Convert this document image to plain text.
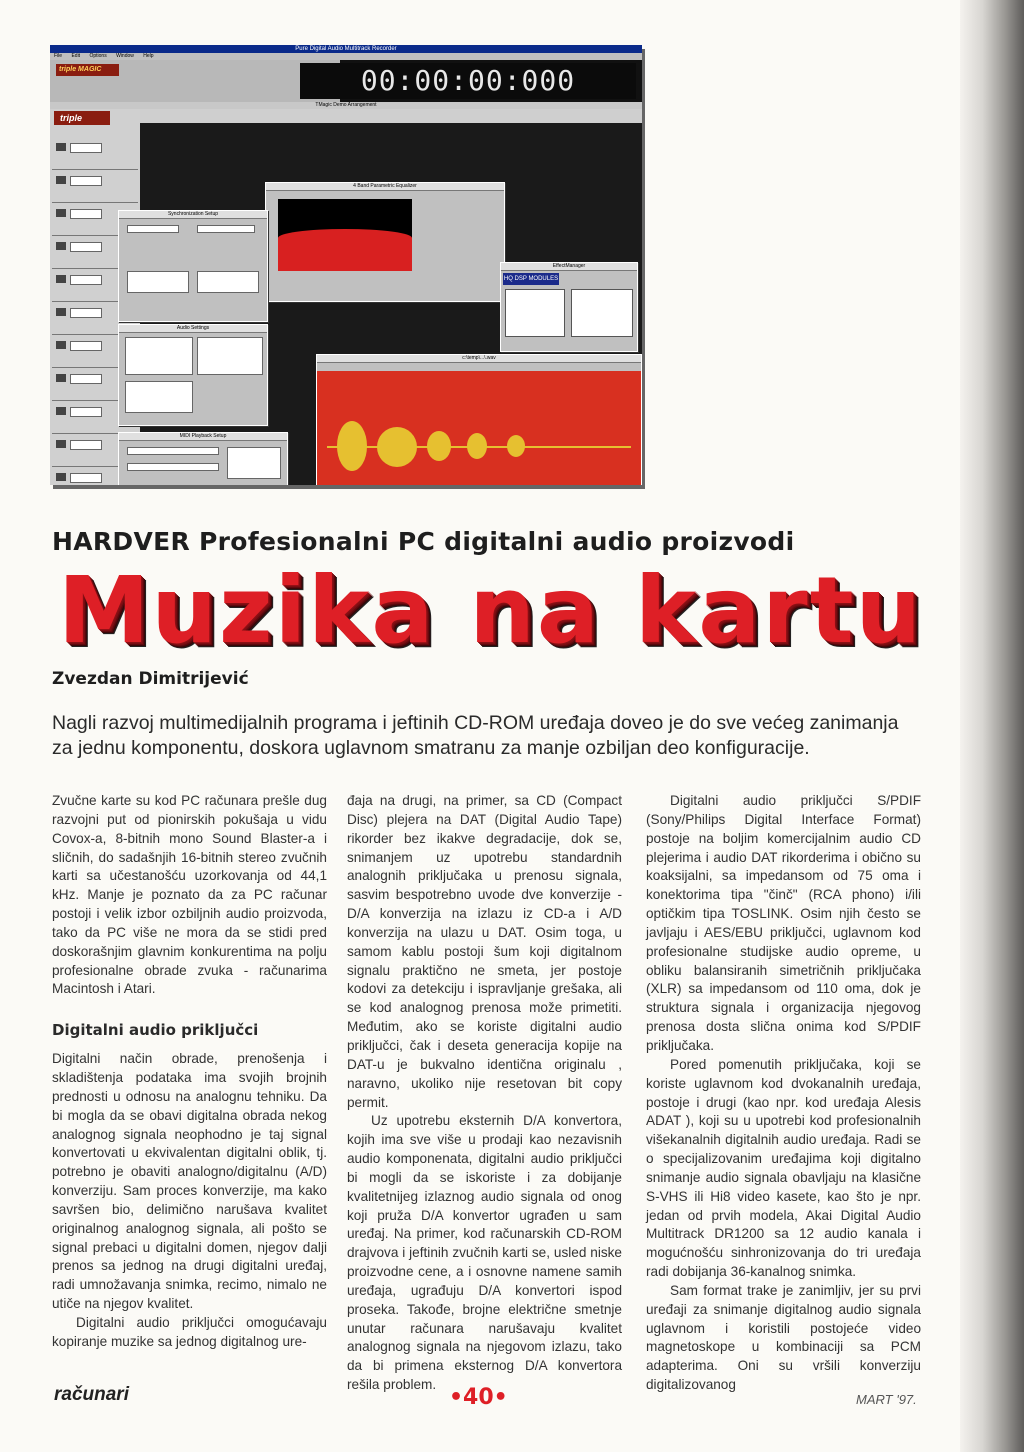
Pure Digital Audio Multitrack Recorder
File Edit Options Window Help
triple MAGIC	00:00:00:000
TMagic Demo Arrangement
triple
4 Band Parametric Equalizer
Synchronization Setup
EffectManager
HQ DSP MODULES
Audio Settings
MIDI Playback Setup
c:\temp\...\.wav
HARDVER Profesionalni PC digitalni audio proizvodi
Muzika na kartu

Zvezdan Dimitrijević

Nagli razvoj multimedijalnih programa i jeftinih CD-ROM uređaja doveo je do sve većeg zanimanja za jednu komponentu, doskora uglavnom smatranu za manje ozbiljan deo konfiguracije.

Zvučne karte su kod PC računara prešle dug razvojni put od pionirskih pokušaja u vidu Covox-a, 8-bitnih mono Sound Blaster-a i sličnih, do sadašnjih 16-bitnih stereo zvučnih karti sa učestanošću uzorkovanja od 44,1 kHz. Manje je poznato da za PC računar postoji i velik izbor ozbiljnih audio proizvoda, tako da PC više ne mora da se stidi pred doskorašnjim glavnim konkurentima na polju profesionalne obrade zvuka - računarima Macintosh i Atari.

Digitalni audio priključci

Digitalni način obrade, prenošenja i skladištenja podataka ima svojih brojnih prednosti u odnosu na analognu tehniku. Da bi mogla da se obavi digitalna obrada nekog analognog signala neophodno je taj signal konvertovati u ekvivalentan digitalni oblik, tj. potrebno je obaviti analogno/digitalnu (A/D) konverziju. Sam proces konverzije, ma kako savršen bio, delimično narušava kvalitet originalnog analognog signala, ali pošto se signal prebaci u digitalni domen, njegov dalji prenos sa jednog na drugi digitalni uređaj, radi umnožavanja snimka, recimo, nimalo ne utiče na njegov kvalitet.

Digitalni audio priključci omogućavaju kopiranje muzike sa jednog digitalnog ure-

đaja na drugi, na primer, sa CD (Compact Disc) plejera na DAT (Digital Audio Tape) rikorder bez ikakve degradacije, dok se, snimanjem uz upotrebu standardnih analognih priključaka u prenosu signala, sasvim bespotrebno uvode dve konverzije - D/A konverzija na izlazu iz CD-a i A/D konverzija na ulazu u DAT. Osim toga, u samom kablu postoji šum koji digitalnom signalu praktično ne smeta, jer postoje kodovi za detekciju i ispravljanje grešaka, ali se kod analognog prenosa može primetiti. Međutim, ako se koriste digitalni audio priključci, čak i deseta generacija kopije na DAT-u je bukvalno identična originalu , naravno, ukoliko nije resetovan bit copy permit.

Uz upotrebu eksternih D/A konvertora, kojih ima sve više u prodaji kao nezavisnih audio komponenata, digitalni audio priključci bi mogli da se iskoriste i za dobijanje kvalitetnijeg izlaznog audio signala od onog koji pruža D/A konvertor ugrađen u sam uređaj. Na primer, kod računarskih CD-ROM drajvova i jeftinih zvučnih karti se, usled niske proizvodne cene, a i osnovne namene samih uređaja, ugrađuju D/A konvertori ispod proseka. Takođe, brojne električne smetnje unutar računara narušavaju kvalitet analognog signala na njegovom izlazu, tako da bi primena eksternog D/A konvertora rešila problem.

Digitalni audio priključci S/PDIF (Sony/Philips Digital Interface Format) postoje na boljim komercijalnim audio CD plejerima i audio DAT rikorderima i obično su koaksijalni, sa impedansom od 75 oma i konektorima tipa "činč" (RCA phono) i/ili optičkim tipa TOSLINK. Osim njih često se javljaju i AES/EBU priključci, uglavnom kod profesionalne studijske audio opreme, u obliku balansiranih simetričnih priključaka (XLR) sa impedansom od 110 oma, dok je struktura signala i organizacija njegovog prenosa dosta slična onima kod S/PDIF priključaka.

Pored pomenutih priključaka, koji se koriste uglavnom kod dvokanalnih uređaja, postoje i drugi (kao npr. kod uređaja Alesis ADAT ), koji su u upotrebi kod profesionalnih višekanalnih digitalnih audio uređaja. Radi se o specijalizovanim uređajima koji digitalno snimanje audio signala obavljaju na klasične S-VHS ili Hi8 video kasete, kao što je npr. jedan od prvih modela, Akai Digital Audio Multitrack DR1200 sa 12 audio kanala i mogućnošću sinhronizovanja do tri uređaja radi dobijanja 36-kanalnog snimka.

Sam format trake je zanimljiv, jer su prvi uređaji za snimanje digitalnog audio signala uglavnom i koristili postojeće video magnetoskope u kombinaciji sa PCM adapterima. Oni su vršili konverziju digitalizovanog

računari	•40•	MART '97.
